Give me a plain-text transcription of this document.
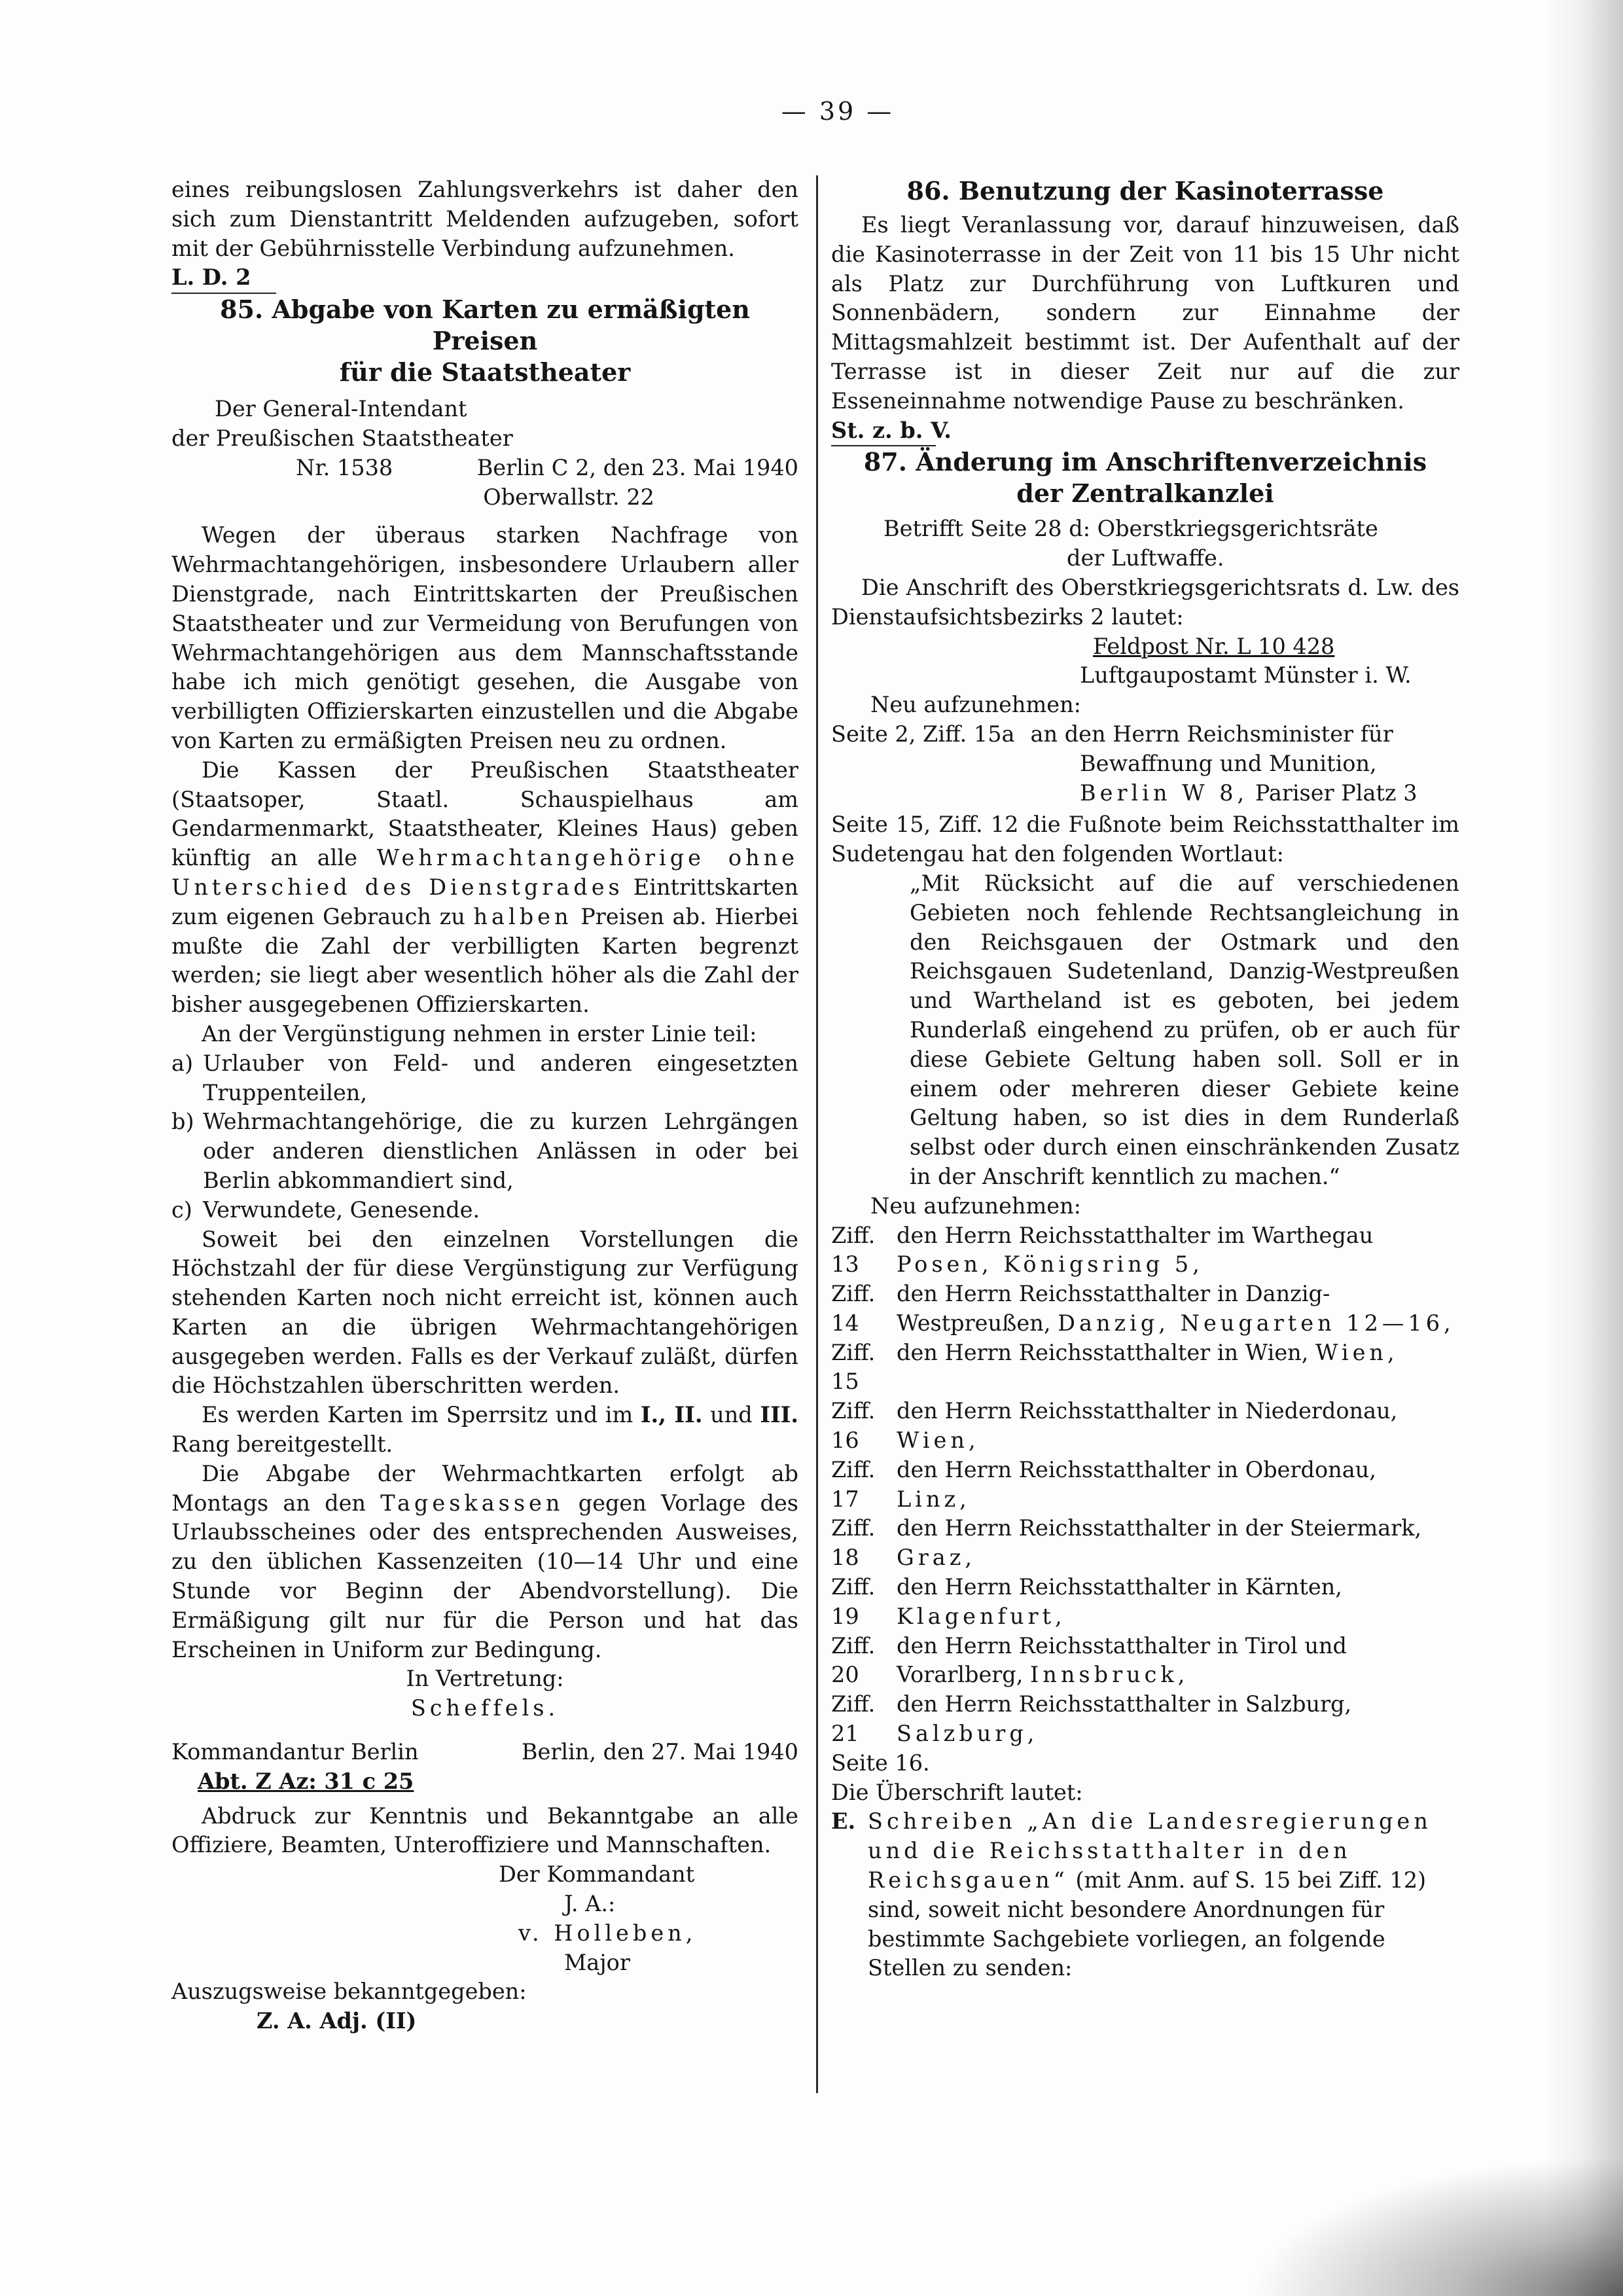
— 39 —

eines reibungslosen Zahlungsverkehrs ist daher den sich zum Dienstantritt Meldenden aufzugeben, sofort mit der Gebührnisstelle Verbindung aufzunehmen.

L. D. 2

85. Abgabe von Karten zu ermäßigten Preisen
für die Staatstheater
Der General-Intendant
der Preußischen Staatstheater
Nr. 1538	Berlin C 2, den 23. Mai 1940
Oberwallstr. 22

Wegen der überaus starken Nachfrage von Wehrmachtangehörigen, insbesondere Urlaubern aller Dienstgrade, nach Eintrittskarten der Preußischen Staatstheater und zur Vermeidung von Berufungen von Wehrmachtangehörigen aus dem Mannschaftsstande habe ich mich genötigt gesehen, die Ausgabe von verbilligten Offizierskarten einzustellen und die Abgabe von Karten zu ermäßigten Preisen neu zu ordnen.

Die Kassen der Preußischen Staatstheater (Staatsoper, Staatl. Schauspielhaus am Gendarmenmarkt, Staatstheater, Kleines Haus) geben künftig an alle Wehrmachtangehörige ohne Unterschied des Dienstgrades Eintrittskarten zum eigenen Gebrauch zu halben Preisen ab. Hierbei mußte die Zahl der verbilligten Karten begrenzt werden; sie liegt aber wesentlich höher als die Zahl der bisher ausgegebenen Offizierskarten.

An der Vergünstigung nehmen in erster Linie teil:

a) Urlauber von Feld- und anderen eingesetzten Truppenteilen,
b) Wehrmachtangehörige, die zu kurzen Lehrgängen oder anderen dienstlichen Anlässen in oder bei Berlin abkommandiert sind,
c) Verwundete, Genesende.

Soweit bei den einzelnen Vorstellungen die Höchstzahl der für diese Vergünstigung zur Verfügung stehenden Karten noch nicht erreicht ist, können auch Karten an die übrigen Wehrmachtangehörigen ausgegeben werden. Falls es der Verkauf zuläßt, dürfen die Höchstzahlen überschritten werden.

Es werden Karten im Sperrsitz und im I., II. und III. Rang bereitgestellt.

Die Abgabe der Wehrmachtkarten erfolgt ab Montags an den Tageskassen gegen Vorlage des Urlaubsscheines oder des entsprechenden Ausweises, zu den üblichen Kassenzeiten (10—14 Uhr und eine Stunde vor Beginn der Abendvorstellung). Die Ermäßigung gilt nur für die Person und hat das Erscheinen in Uniform zur Bedingung.

In Vertretung:
Scheffels.
Kommandantur Berlin	Berlin, den 27. Mai 1940
Abt. Z Az: 31 c 25

Abdruck zur Kenntnis und Bekanntgabe an alle Offiziere, Beamten, Unteroffiziere und Mannschaften.

Der Kommandant
J. A.:
v. Holleben,
Major
Auszugsweise bekanntgegeben:
Z. A. Adj. (II)
86. Benutzung der Kasinoterrasse

Es liegt Veranlassung vor, darauf hinzuweisen, daß die Kasinoterrasse in der Zeit von 11 bis 15 Uhr nicht als Platz zur Durchführung von Luftkuren und Sonnenbädern, sondern zur Einnahme der Mittagsmahlzeit bestimmt ist. Der Aufenthalt auf der Terrasse ist in dieser Zeit nur auf die zur Esseneinnahme notwendige Pause zu beschränken.

St. z. b. V.

87. Änderung im Anschriftenverzeichnis
der Zentralkanzlei
Betrifft Seite 28 d: Oberstkriegsgerichtsräte
der Luftwaffe.

Die Anschrift des Oberstkriegsgerichtsrats d. Lw. des Dienstaufsichtsbezirks 2 lautet:

Feldpost Nr. L 10 428
Luftgaupostamt Münster i. W.
Neu aufzunehmen:
Seite 2, Ziff. 15a an den Herrn Reichsminister für
Bewaffnung und Munition,
Berlin W 8, Pariser Platz 3

Seite 15, Ziff. 12 die Fußnote beim Reichsstatthalter im Sudetengau hat den folgenden Wortlaut:

„Mit Rücksicht auf die auf verschiedenen Gebieten noch fehlende Rechtsangleichung in den Reichsgauen der Ostmark und den Reichsgauen Sudetenland, Danzig-Westpreußen und Wartheland ist es geboten, bei jedem Runderlaß eingehend zu prüfen, ob er auch für diese Gebiete Geltung haben soll. Soll er in einem oder mehreren dieser Gebiete keine Geltung haben, so ist dies in dem Runderlaß selbst oder durch einen einschränkenden Zusatz in der Anschrift kenntlich zu machen.“

Neu aufzunehmen:
Ziff. 13
den Herrn Reichsstatthalter im Warthegau
Posen, Königsring 5,
Ziff. 14
den Herrn Reichsstatthalter in Danzig-Westpreußen, Danzig, Neugarten 12—16,
Ziff. 15
den Herrn Reichsstatthalter in Wien, Wien,
Ziff. 16
den Herrn Reichsstatthalter in Niederdonau,
Wien,
Ziff. 17
den Herrn Reichsstatthalter in Oberdonau,
Linz,
Ziff. 18
den Herrn Reichsstatthalter in der Steiermark,
Graz,
Ziff. 19
den Herrn Reichsstatthalter in Kärnten,
Klagenfurt,
Ziff. 20
den Herrn Reichsstatthalter in Tirol und Vorarlberg, Innsbruck,
Ziff. 21
den Herrn Reichsstatthalter in Salzburg,
Salzburg,
Seite 16.
Die Überschrift lautet:
E. Schreiben „An die Landesregierungen und die Reichsstatthalter in den Reichsgauen“ (mit Anm. auf S. 15 bei Ziff. 12)
sind, soweit nicht besondere Anordnungen für bestimmte Sachgebiete vorliegen, an folgende Stellen zu senden:
